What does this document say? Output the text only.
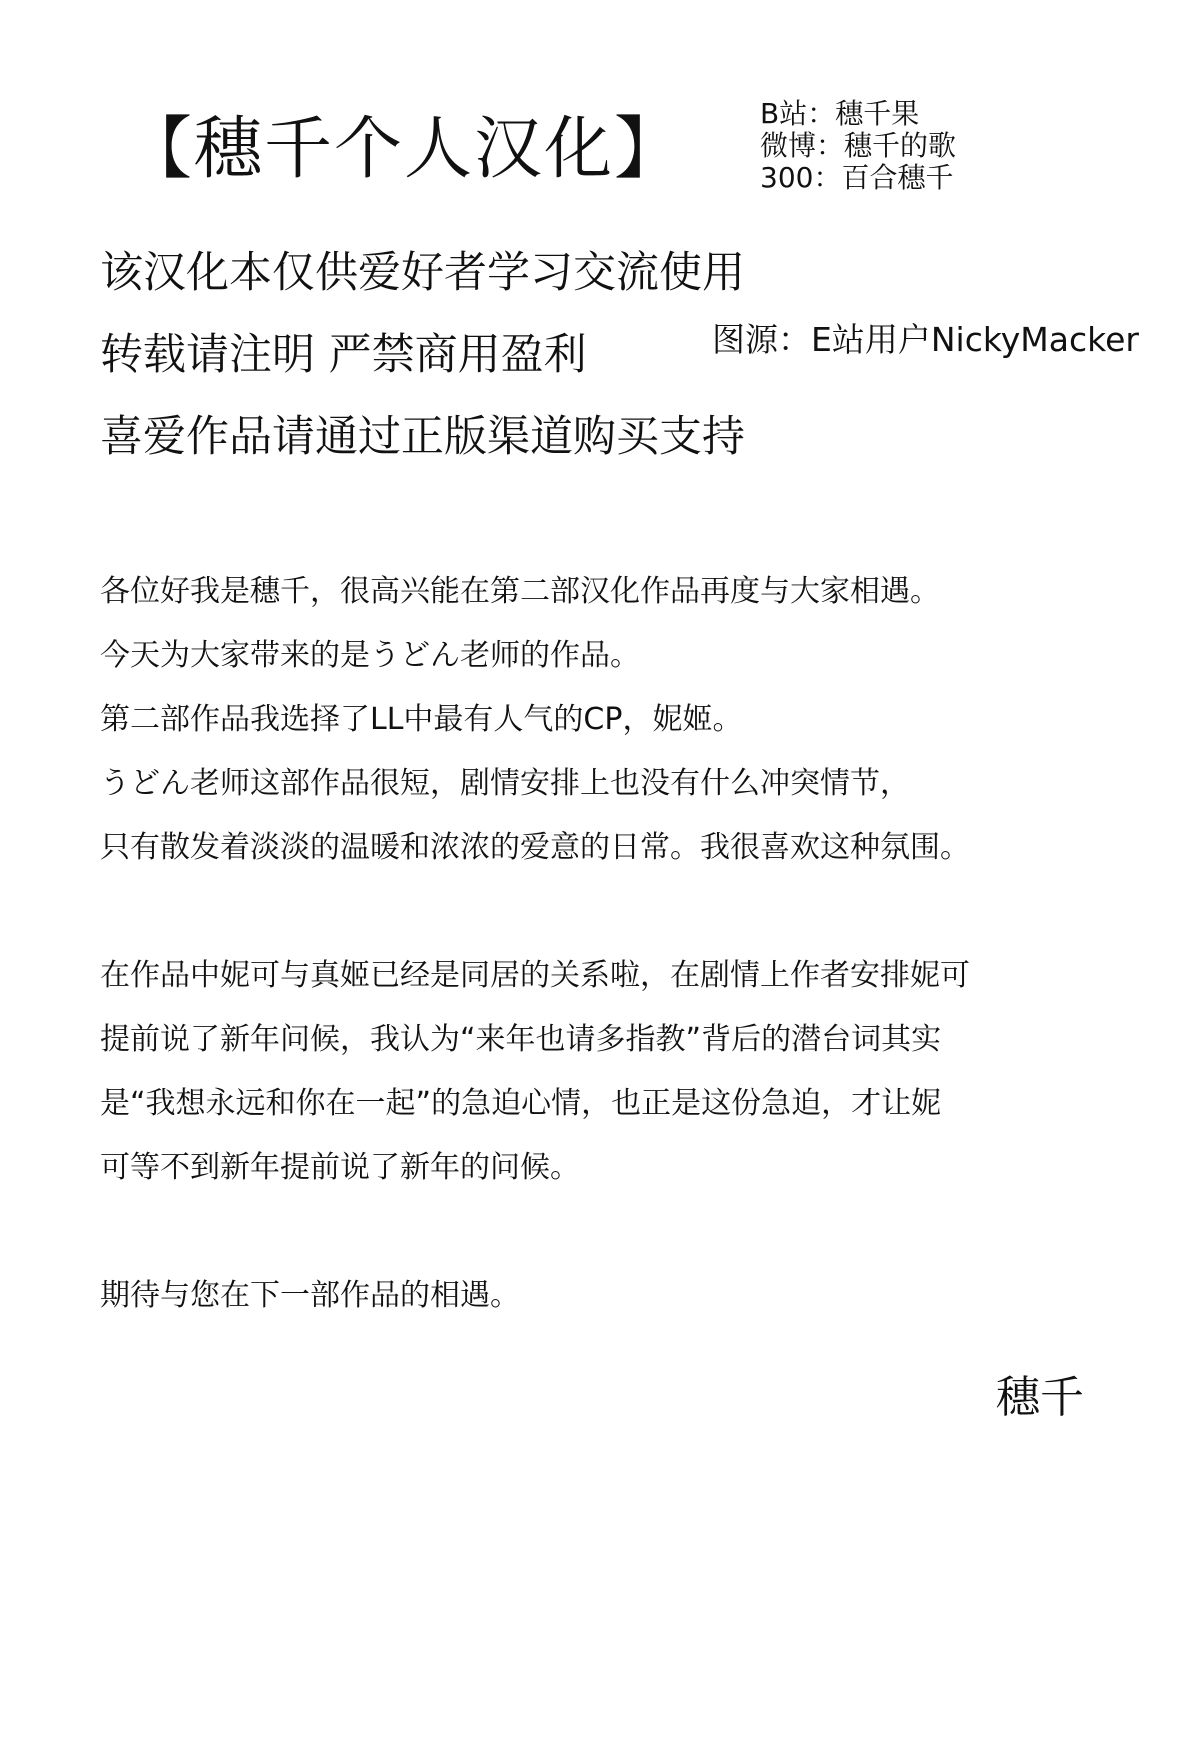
【穗千个人汉化】	B站：穗千果
微博：穗千的歌
300：百合穗千
该汉化本仅供爱好者学习交流使用
转载请注明 严禁商用盈利
喜爱作品请通过正版渠道购买支持
图源：E站用户NickyMacker
各位好我是穗千，很高兴能在第二部汉化作品再度与大家相遇。
今天为大家带来的是うどん老师的作品。
第二部作品我选择了LL中最有人气的CP，妮姬。
うどん老师这部作品很短，剧情安排上也没有什么冲突情节，
只有散发着淡淡的温暖和浓浓的爱意的日常。我很喜欢这种氛围。
在作品中妮可与真姬已经是同居的关系啦，在剧情上作者安排妮可
提前说了新年问候，我认为“来年也请多指教”背后的潜台词其实
是“我想永远和你在一起”的急迫心情，也正是这份急迫，才让妮
可等不到新年提前说了新年的问候。
期待与您在下一部作品的相遇。
穗千
